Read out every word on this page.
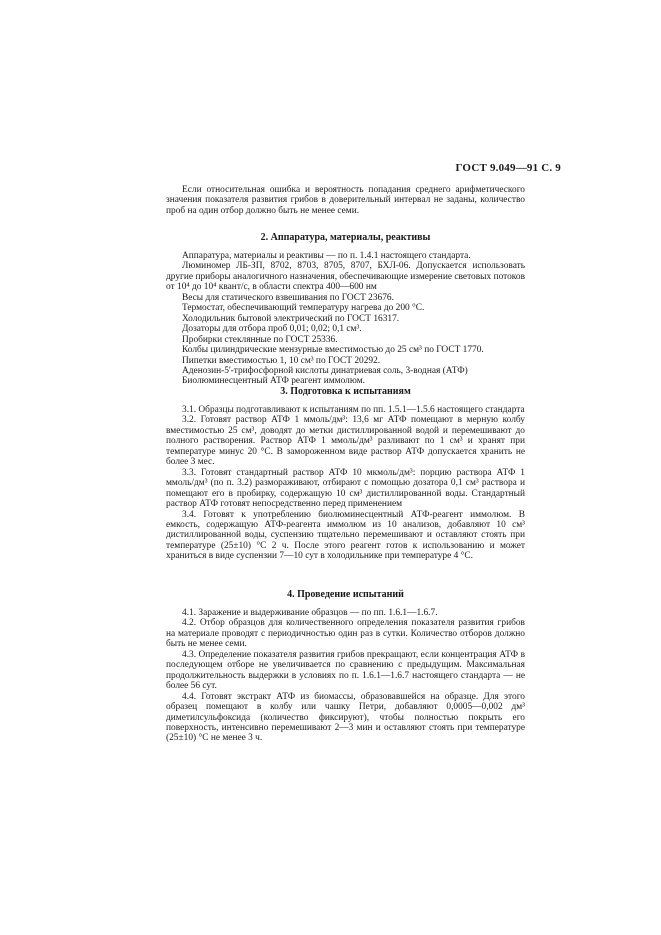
ГОСТ 9.049—91 С. 9

Если относительная ошибка и вероятность попадания среднего арифметического значения показателя развития грибов в доверительный интервал не заданы, количество проб на один отбор должно быть не менее семи.

2. Аппаратура, материалы, реактивы

Аппаратура, материалы и реактивы — по п. 1.4.1 настоящего стандарта.

Люминомер ЛБ-ЗП, 8702, 8703, 8705, 8707, БХЛ-06. Допускается использовать другие приборы аналогичного назначения, обеспечивающие измерение световых потоков от 10⁴ до 10⁴ квант/с, в области спектра 400—600 нм

Весы для статического взвешивания по ГОСТ 23676.

Термостат, обеспечивающий температуру нагрева до 200 °С.

Холодильник бытовой электрический по ГОСТ 16317.

Дозаторы для отбора проб 0,01; 0,02; 0,1 см³.

Пробирки стеклянные по ГОСТ 25336.

Колбы цилиндрические мензурные вместимостью до 25 см³ по ГОСТ 1770.

Пипетки вместимостью 1, 10 см³ по ГОСТ 20292.

Аденозин-5'-трифосфорной кислоты динатриевая соль, 3-водная (АТФ)

Биолюминесцентный АТФ реагент иммолюм.

3. Подготовка к испытаниям

3.1. Образцы подготавливают к испытаниям по пп. 1.5.1—1.5.6 настоящего стандарта

3.2. Готовят раствор АТФ 1 ммоль/дм³: 13,6 мг АТФ помещают в мерную колбу вместимостью 25 см³, доводят до метки дистиллированной водой и перемешивают до полного растворения. Раствор АТФ 1 ммоль/дм³ разливают по 1 см³ и хранят при температуре минус 20 °С. В замороженном виде раствор АТФ допускается хранить не более 3 мес.

3.3. Готовят стандартный раствор АТФ 10 мкмоль/дм³: порцию раствора АТФ 1 ммоль/дм³ (по п. 3.2) размораживают, отбирают с помощью дозатора 0,1 см³ раствора и помещают его в пробирку, содержащую 10 см³ дистиллированной воды. Стандартный раствор АТФ готовят непосредственно перед применением

3.4. Готовят к употреблению биолюминесцентный АТФ-реагент иммолюм. В емкость, содержащую АТФ-реагента иммолюм из 10 анализов, добавляют 10 см³ дистиллированной воды, суспензию тщательно перемешивают и оставляют стоять при температуре (25±10) °С 2 ч. После этого реагент готов к использованию и может храниться в виде суспензии 7—10 сут в холодильнике при температуре 4 °С.

4. Проведение испытаний

4.1. Заражение и выдерживание образцов — по пп. 1.6.1—1.6.7.

4.2. Отбор образцов для количественного определения показателя развития грибов на материале проводят с периодичностью один раз в сутки. Количество отборов должно быть не менее семи.

4.3. Определение показателя развития грибов прекращают, если концентрация АТФ в последующем отборе не увеличивается по сравнению с предыдущим. Максимальная продолжительность выдержки в условиях по п. 1.6.1—1.6.7 настоящего стандарта — не более 56 сут.

4.4. Готовят экстракт АТФ из биомассы, образовавшейся на образце. Для этого образец помещают в колбу или чашку Петри, добавляют 0,0005—0,002 дм³ диметилсульфоксида (количество фиксируют), чтобы полностью покрыть его поверхность, интенсивно перемешивают 2—3 мин и оставляют стоять при температуре (25±10) °С не менее 3 ч.
